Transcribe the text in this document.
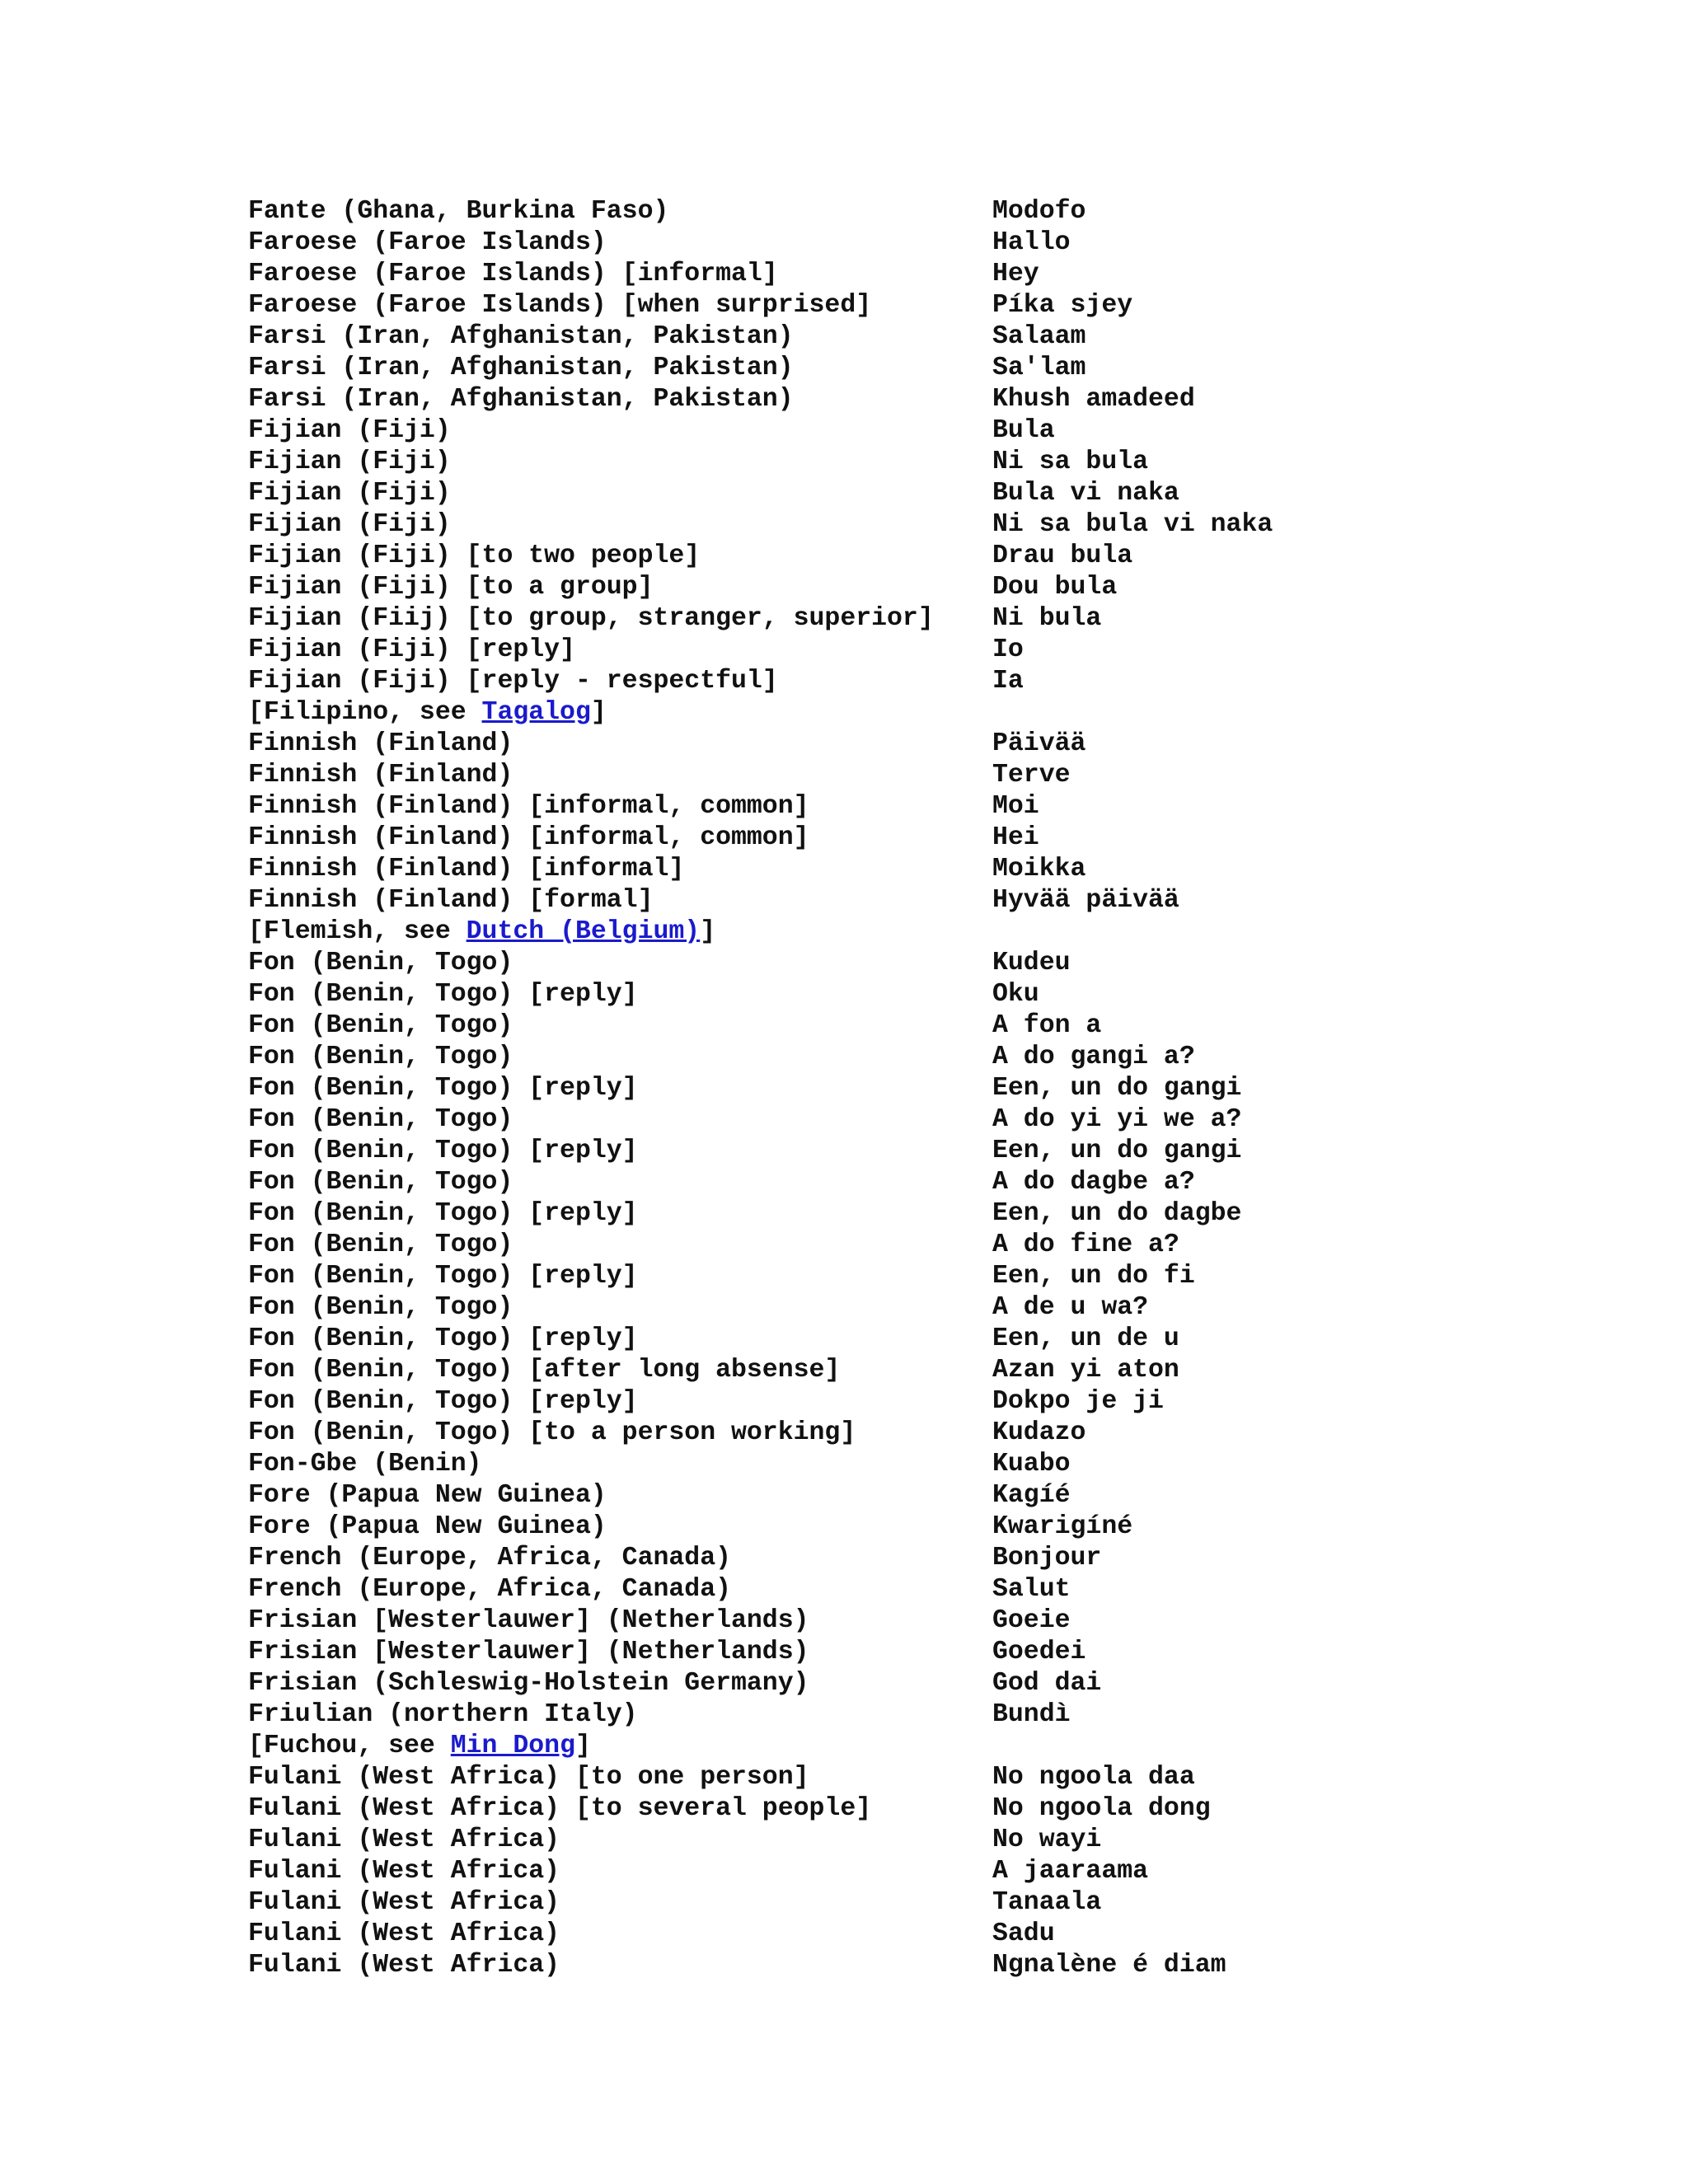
Fante (Ghana, Burkina Faso)	Modofo
Faroese (Faroe Islands)	Hallo
Faroese (Faroe Islands) [informal]	Hey
Faroese (Faroe Islands) [when surprised]	Píka sjey
Farsi (Iran, Afghanistan, Pakistan)	Salaam
Farsi (Iran, Afghanistan, Pakistan)	Sa'lam
Farsi (Iran, Afghanistan, Pakistan)	Khush amadeed
Fijian (Fiji)	Bula
Fijian (Fiji)	Ni sa bula
Fijian (Fiji)	Bula vi naka
Fijian (Fiji)	Ni sa bula vi naka
Fijian (Fiji) [to two people]	Drau bula
Fijian (Fiji) [to a group]	Dou bula
Fijian (Fiij) [to group, stranger, superior] Ni bula
Fijian (Fiji) [reply]	Io
Fijian (Fiji) [reply - respectful]	Ia
[Filipino, see Tagalog]
Finnish (Finland)	Päivää
Finnish (Finland)	Terve
Finnish (Finland) [informal, common]	Moi
Finnish (Finland) [informal, common]	Hei
Finnish (Finland) [informal]	Moikka
Finnish (Finland) [formal]	Hyvää päivää
[Flemish, see Dutch (Belgium)]
Fon (Benin, Togo)	Kudeu
Fon (Benin, Togo) [reply]	Oku
Fon (Benin, Togo)	A fon a
Fon (Benin, Togo)	A do gangi a?
Fon (Benin, Togo) [reply]	Een, un do gangi
Fon (Benin, Togo)	A do yi yi we a?
Fon (Benin, Togo) [reply]	Een, un do gangi
Fon (Benin, Togo)	A do dagbe a?
Fon (Benin, Togo) [reply]	Een, un do dagbe
Fon (Benin, Togo)	A do fine a?
Fon (Benin, Togo) [reply]	Een, un do fi
Fon (Benin, Togo)	A de u wa?
Fon (Benin, Togo) [reply]	Een, un de u
Fon (Benin, Togo) [after long absense]	Azan yi aton
Fon (Benin, Togo) [reply]	Dokpo je ji
Fon (Benin, Togo) [to a person working]	Kudazo
Fon-Gbe (Benin)	Kuabo
Fore (Papua New Guinea)	Kagíé
Fore (Papua New Guinea)	Kwarigíné
French (Europe, Africa, Canada)	Bonjour
French (Europe, Africa, Canada)	Salut
Frisian [Westerlauwer] (Netherlands)	Goeie
Frisian [Westerlauwer] (Netherlands)	Goedei
Frisian (Schleswig-Holstein Germany)	God dai
Friulian (northern Italy)	Bundì
[Fuchou, see Min Dong]
Fulani (West Africa) [to one person]	No ngoola daa
Fulani (West Africa) [to several people]	No ngoola dong
Fulani (West Africa)	No wayi
Fulani (West Africa)	A jaaraama
Fulani (West Africa)	Tanaala
Fulani (West Africa)	Sadu
Fulani (West Africa)	Ngnalène é diam
